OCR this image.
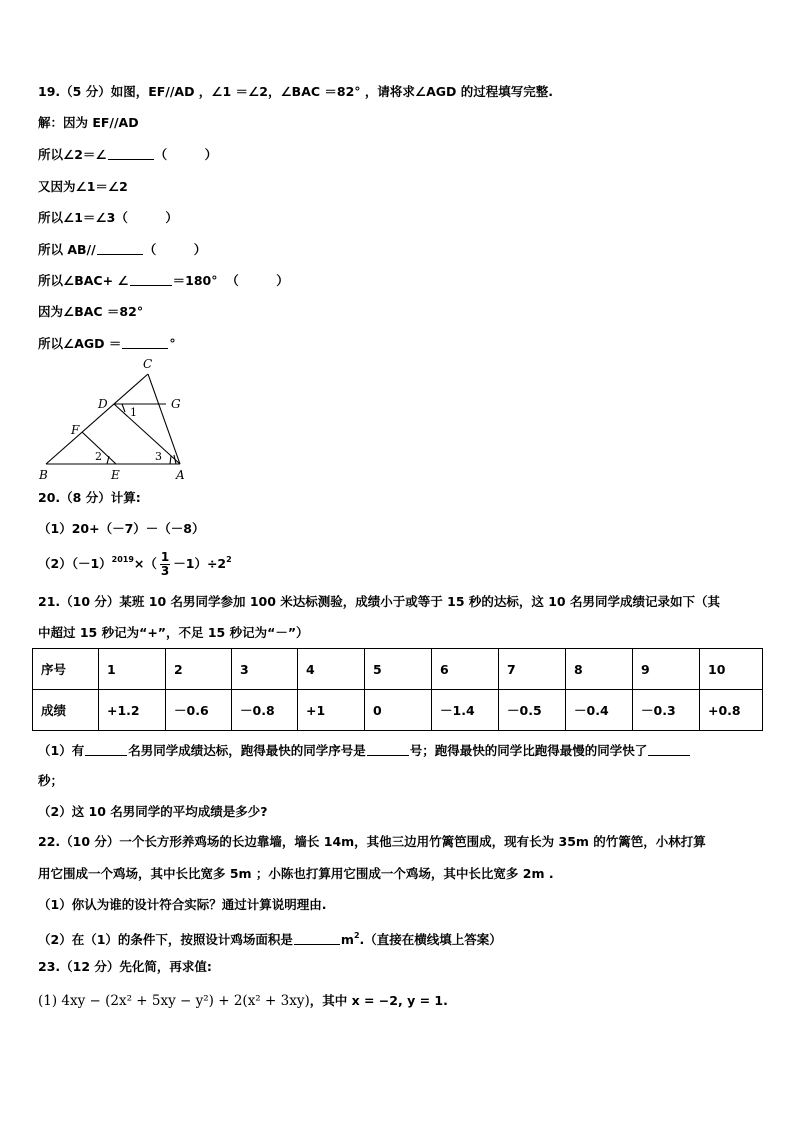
19.（5 分）如图，EF//AD ，∠1 ＝∠2，∠BAC ＝82° ，请将求∠AGD 的过程填写完整.
解：因为 EF//AD
所以∠2＝∠	（　　　）
又因为∠1＝∠2
所以∠1＝∠3（　　　）
所以 AB//	（　　　）
所以∠BAC+ ∠	＝180° （　　　）
因为∠BAC ＝82°
所以∠AGD ＝	°
C
D	G
F
B	E	A
1
2	3
20.（8 分）计算:
（1）20+（－7）－（－8）
$(2)(-1)^{2019}\times( \frac{1}{3} -1)\div 2^2$
21.（10 分）某班 10 名男同学参加 100 米达标测验，成绩小于或等于 15 秒的达标，这 10 名男同学成绩记录如下（其
中超过 15 秒记为“+”，不足 15 秒记为“－”）
序号	1	2	3	4	5	6	7	8	9	10
成绩	+1.2	－0.6	－0.8	+1	0	－1.4	－0.5	－0.4	－0.3	+0.8
（1）有	名男同学成绩达标，跑得最快的同学序号是	号；跑得最快的同学比跑得最慢的同学快了
秒；
（2）这 10 名男同学的平均成绩是多少?
22.（10 分）一个长方形养鸡场的长边靠墙，墙长 14m，其他三边用竹篱笆围成，现有长为 35m 的竹篱笆，小林打算
用它围成一个鸡场，其中长比宽多 5m ；小陈也打算用它围成一个鸡场，其中长比宽多 2m .
（1）你认为谁的设计符合实际？通过计算说明理由.
（2）在（1）的条件下，按照设计鸡场面积是	$m^2$.（直接在横线填上答案）
23.（12 分）先化简，再求值:
(1) 4xy − (2x² + 5xy − y²) + 2(x² + 3xy)，其中 x = −2, y = 1.
